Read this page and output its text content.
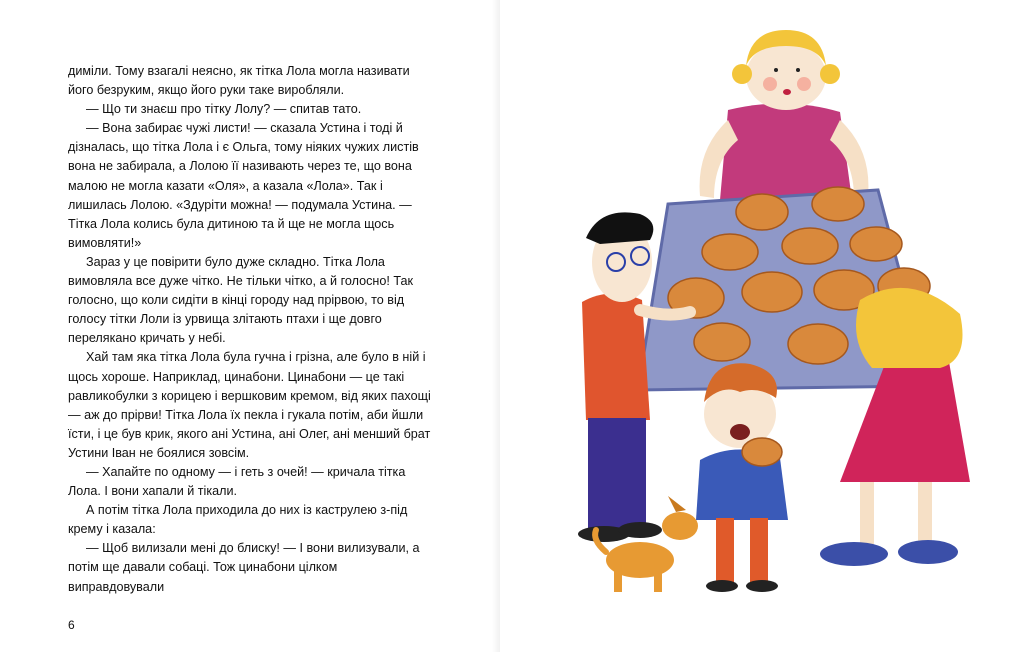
диміли. Тому взагалі неясно, як тітка Лола могла називати його безруким, якщо його руки таке виробляли.

— Що ти знаєш про тітку Лолу? — спитав тато.

— Вона забирає чужі листи! — сказала Устина і тоді й дізналась, що тітка Лола і є Ольга, тому ніяких чужих листів вона не забирала, а Лолою її називають через те, що вона малою не могла казати «Оля», а казала «Лола». Так і лишилась Лолою. «Здуріти можна! — подумала Устина. — Тітка Лола колись була дитиною та й ще не могла щось вимовляти!»

Зараз у це повірити було дуже складно. Тітка Лола вимовляла все дуже чітко. Не тільки чітко, а й голосно! Так голосно, що коли сидіти в кінці городу над прірвою, то від голосу тітки Лоли із урвища злітають птахи і ще довго переляканo кричать у небі.

Хай там яка тітка Лола була гучна і грізна, але було в ній і щось хороше. Наприклад, цинабони. Цинабони — це такі равликобулки з корицею і вершковим кремом, від яких пахощі — аж до прірви! Тітка Лола їх пекла і гукала потім, аби йшли їсти, і це був крик, якого ані Устина, ані Олег, ані менший брат Устини Іван не боялися зовсім.

— Хапайте по одному — і геть з очей! — кричала тітка Лола. І вони хапали й тікали.

А потім тітка Лола приходила до них із каструлею з-під крему і казала:

— Щоб вилизали мені до блиску! — І вони вилизували, а потім ще давали собаці. Тож цинабони цілком виправдовували

6
